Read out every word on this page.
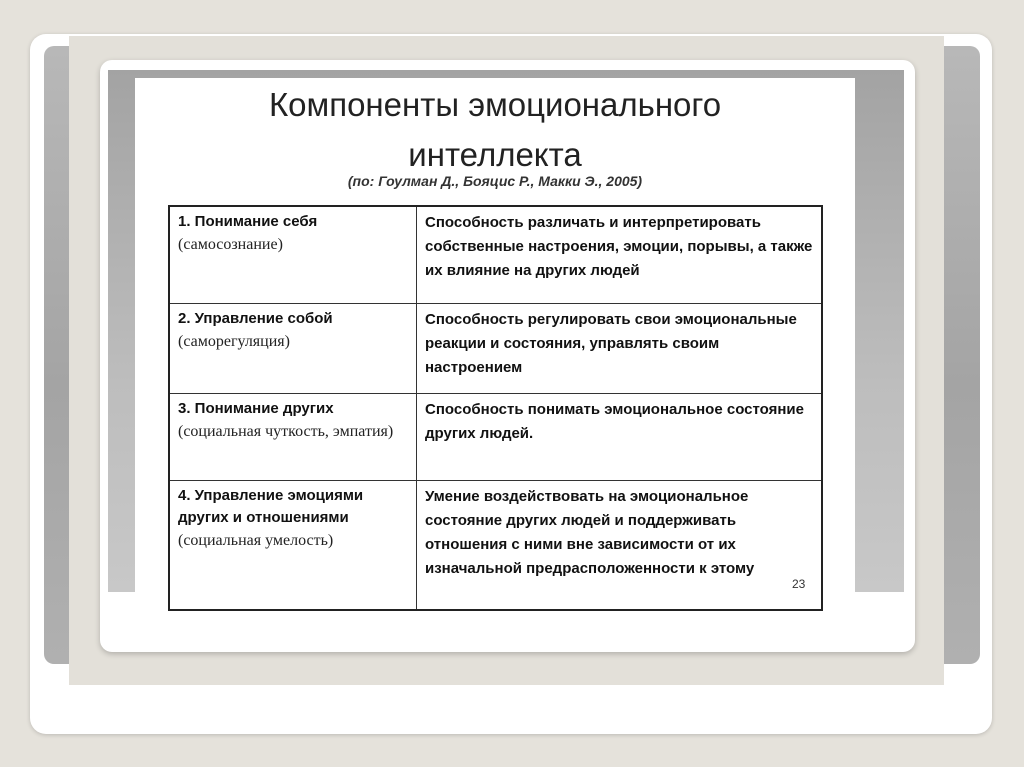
Компоненты эмоционального
интеллекта

(по: Гоулман Д., Бояцис Р., Макки Э., 2005)

1. Понимание себя
(самосознание)	Способность различать и интерпретировать собственные настроения, эмоции, порывы, а также их влияние на других людей

2. Управление собой
(саморегуляция)	Способность регулировать свои эмоциональные реакции и состояния, управлять своим настроением

3. Понимание других
(социальная чуткость, эмпатия)	Способность понимать эмоциональное состояние других людей.

4. Управление эмоциями других и отношениями
(социальная умелость)	Умение воздействовать на эмоциональное состояние других людей и поддерживать отношения с ними вне зависимости от их изначальной предрасположенности к этому
23
